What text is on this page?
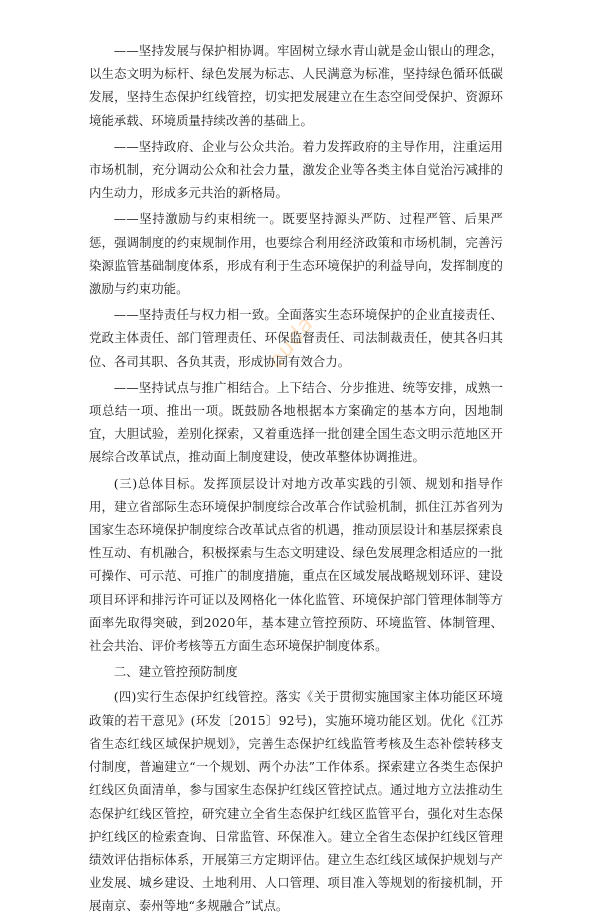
ouda

——坚持发展与保护相协调。牢固树立绿水青山就是金山银山的理念，以生态文明为标杆、绿色发展为标志、人民满意为标准，坚持绿色循环低碳发展，坚持生态保护红线管控，切实把发展建立在生态空间受保护、资源环境能承载、环境质量持续改善的基础上。

——坚持政府、企业与公众共治。着力发挥政府的主导作用，注重运用市场机制，充分调动公众和社会力量，激发企业等各类主体自觉治污减排的内生动力，形成多元共治的新格局。

——坚持激励与约束相统一。既要坚持源头严防、过程严管、后果严惩，强调制度的约束规制作用，也要综合利用经济政策和市场机制，完善污染源监管基础制度体系，形成有利于生态环境保护的利益导向，发挥制度的激励与约束功能。

——坚持责任与权力相一致。全面落实生态环境保护的企业直接责任、党政主体责任、部门管理责任、环保监督责任、司法制裁责任，使其各归其位、各司其职、各负其责，形成协同有效合力。

——坚持试点与推广相结合。上下结合、分步推进、统等安排，成熟一项总结一项、推出一项。既鼓励各地根据本方案确定的基本方向，因地制宜，大胆试验，差别化探索，又着重选择一批创建全国生态文明示范地区开展综合改革试点，推动面上制度建设，使改革整体协调推进。

(三)总体目标。发挥顶层设计对地方改革实践的引领、规划和指导作用，建立省部际生态环境保护制度综合改革合作试验机制，抓住江苏省列为国家生态环境保护制度综合改革试点省的机遇，推动顶层设计和基层探索良性互动、有机融合，积极探索与生态文明建设、绿色发展理念相适应的一批可操作、可示范、可推广的制度措施，重点在区域发展战略规划环评、建设项目环评和排污许可证以及网格化一体化监管、环境保护部门管理体制等方面率先取得突破，到2020年，基本建立管控预防、环境监管、体制管理、社会共治、评价考核等五方面生态环境保护制度体系。

二、建立管控预防制度

(四)实行生态保护红线管控。落实《关于贯彻实施国家主体功能区环境政策的若干意见》(环发〔2015〕92号)，实施环境功能区划。优化《江苏省生态红线区域保护规划》，完善生态保护红线监管考核及生态补偿转移支付制度，普遍建立“一个规划、两个办法”工作体系。探索建立各类生态保护红线区负面清单，参与国家生态保护红线区管控试点。通过地方立法推动生态保护红线区管控，研究建立全省生态保护红线区监管平台，强化对生态保护红线区的检索查询、日常监管、环保准入。建立全省生态保护红线区管理绩效评估指标体系，开展第三方定期评估。建立生态红线区域保护规划与产业发展、城乡建设、土地利用、人口管理、项目准入等规划的衔接机制，开展南京、泰州等地“多规融合”试点。
